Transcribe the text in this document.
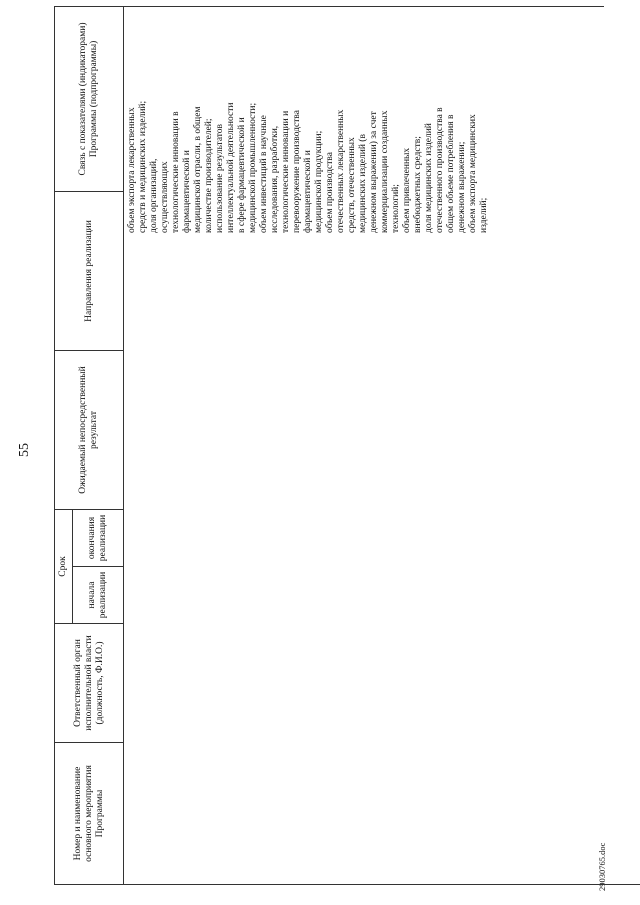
55
29030765.doc
Номер и наименование основного мероприятия Программы
Ответственный орган исполнительной власти (должность, Ф.И.О.)
Срок
начала реализации
окончания реализации
Ожидаемый непосредственный результат
Направления реализации
Связь с показателями (индикаторами) Программы (подпрограммы)
объем экспорта лекарственных средств и медицинских изделий; доля организаций, осуществляющих технологические инновации в фармацевтической и медицинской отрасли, в общем количестве производителей; использование результатов интеллектуальной деятельности в сфере фармацевтической и медицинской промышленности; объем инвестиций в научные исследования, разработки, технологические инновации и перевооружение производства фармацевтической и медицинской продукции; объем производства отечественных лекарственных средств, отечественных медицинских изделий (в денежном выражении) за счет коммерциализации созданных технологий; объем привлеченных внебюджетных средств; доля медицинских изделий отечественного производства в общем объеме потребления в денежном выражении; объем экспорта медицинских изделий;
